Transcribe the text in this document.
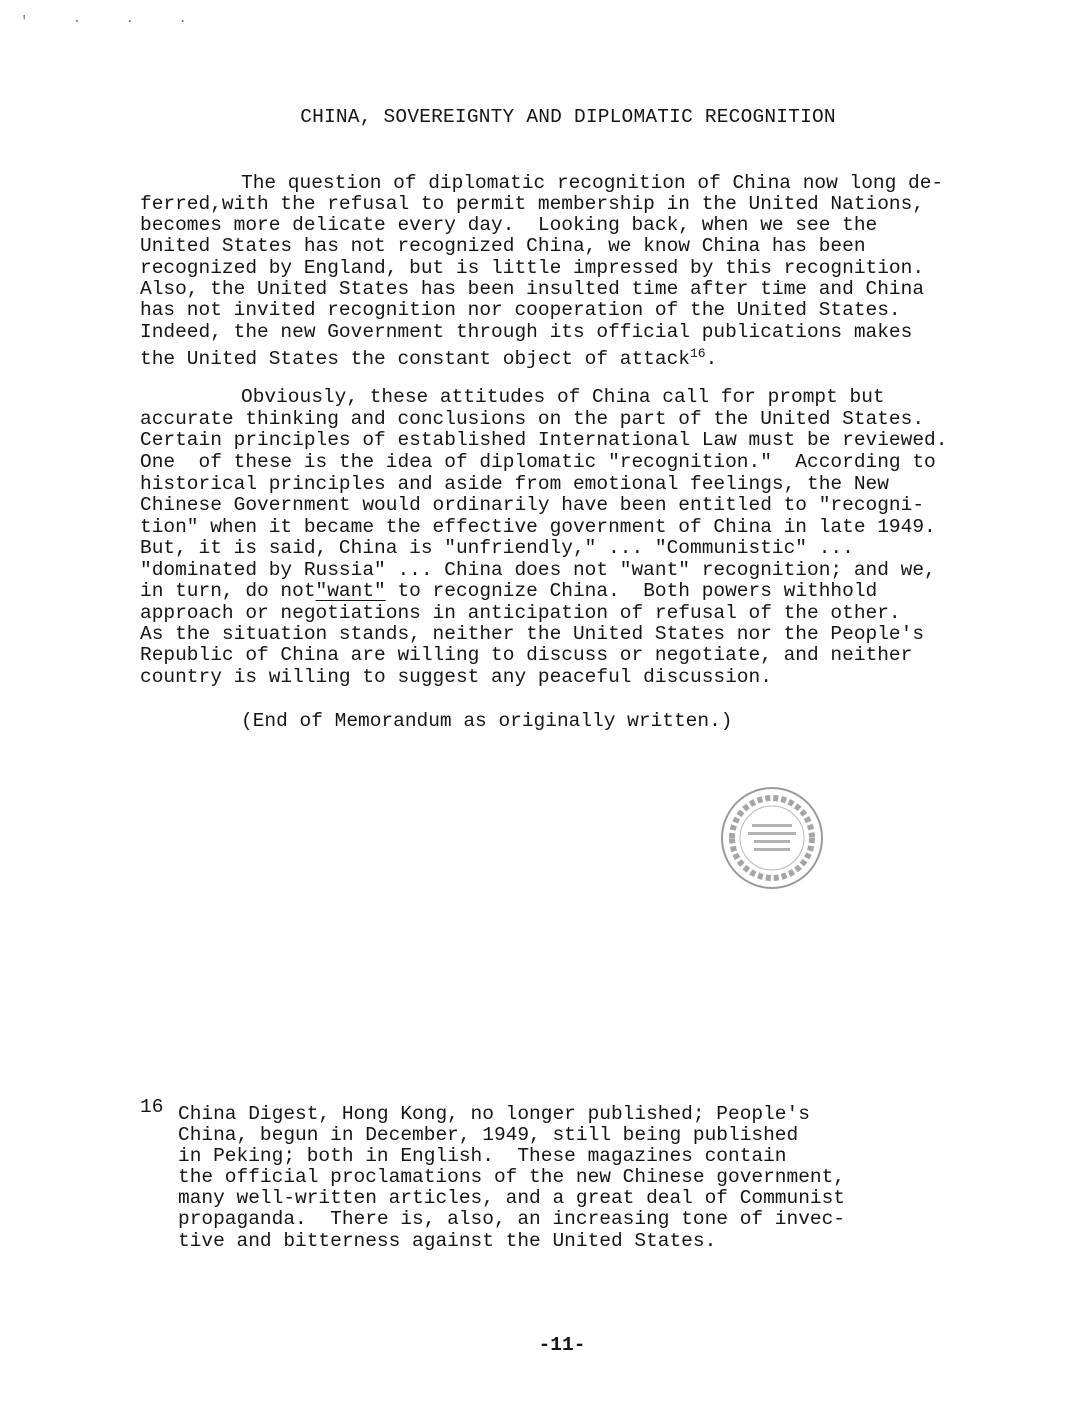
' · · ·
CHINA, SOVEREIGNTY AND DIPLOMATIC RECOGNITION
The question of diplomatic recognition of China now long de-
ferred,with the refusal to permit membership in the United Nations,
becomes more delicate every day.  Looking back, when we see the
United States has not recognized China, we know China has been
recognized by England, but is little impressed by this recognition.
Also, the United States has been insulted time after time and China
has not invited recognition nor cooperation of the United States.
Indeed, the new Government through its official publications makes
the United States the constant object of attack$^{16}$.
Obviously, these attitudes of China call for prompt but
accurate thinking and conclusions on the part of the United States.
Certain principles of established International Law must be reviewed.
One  of these is the idea of diplomatic "recognition."  According to
historical principles and aside from emotional feelings, the New
Chinese Government would ordinarily have been entitled to "recogni-
tion" when it became the effective government of China in late 1949.
But, it is said, China is "unfriendly," ... "Communistic" ...
"dominated by Russia" ... China does not "want" recognition; and we,
in turn, do not"want" to recognize China.  Both powers withhold
approach or negotiations in anticipation of refusal of the other.
As the situation stands, neither the United States nor the People's
Republic of China are willing to discuss or negotiate, and neither
country is willing to suggest any peaceful discussion.
(End of Memorandum as originally written.)
16 China Digest, Hong Kong, no longer published; People's
China, begun in December, 1949, still being published
in Peking; both in English.  These magazines contain
the official proclamations of the new Chinese government,
many well-written articles, and a great deal of Communist
propaganda.  There is, also, an increasing tone of invec-
tive and bitterness against the United States.
-11-
